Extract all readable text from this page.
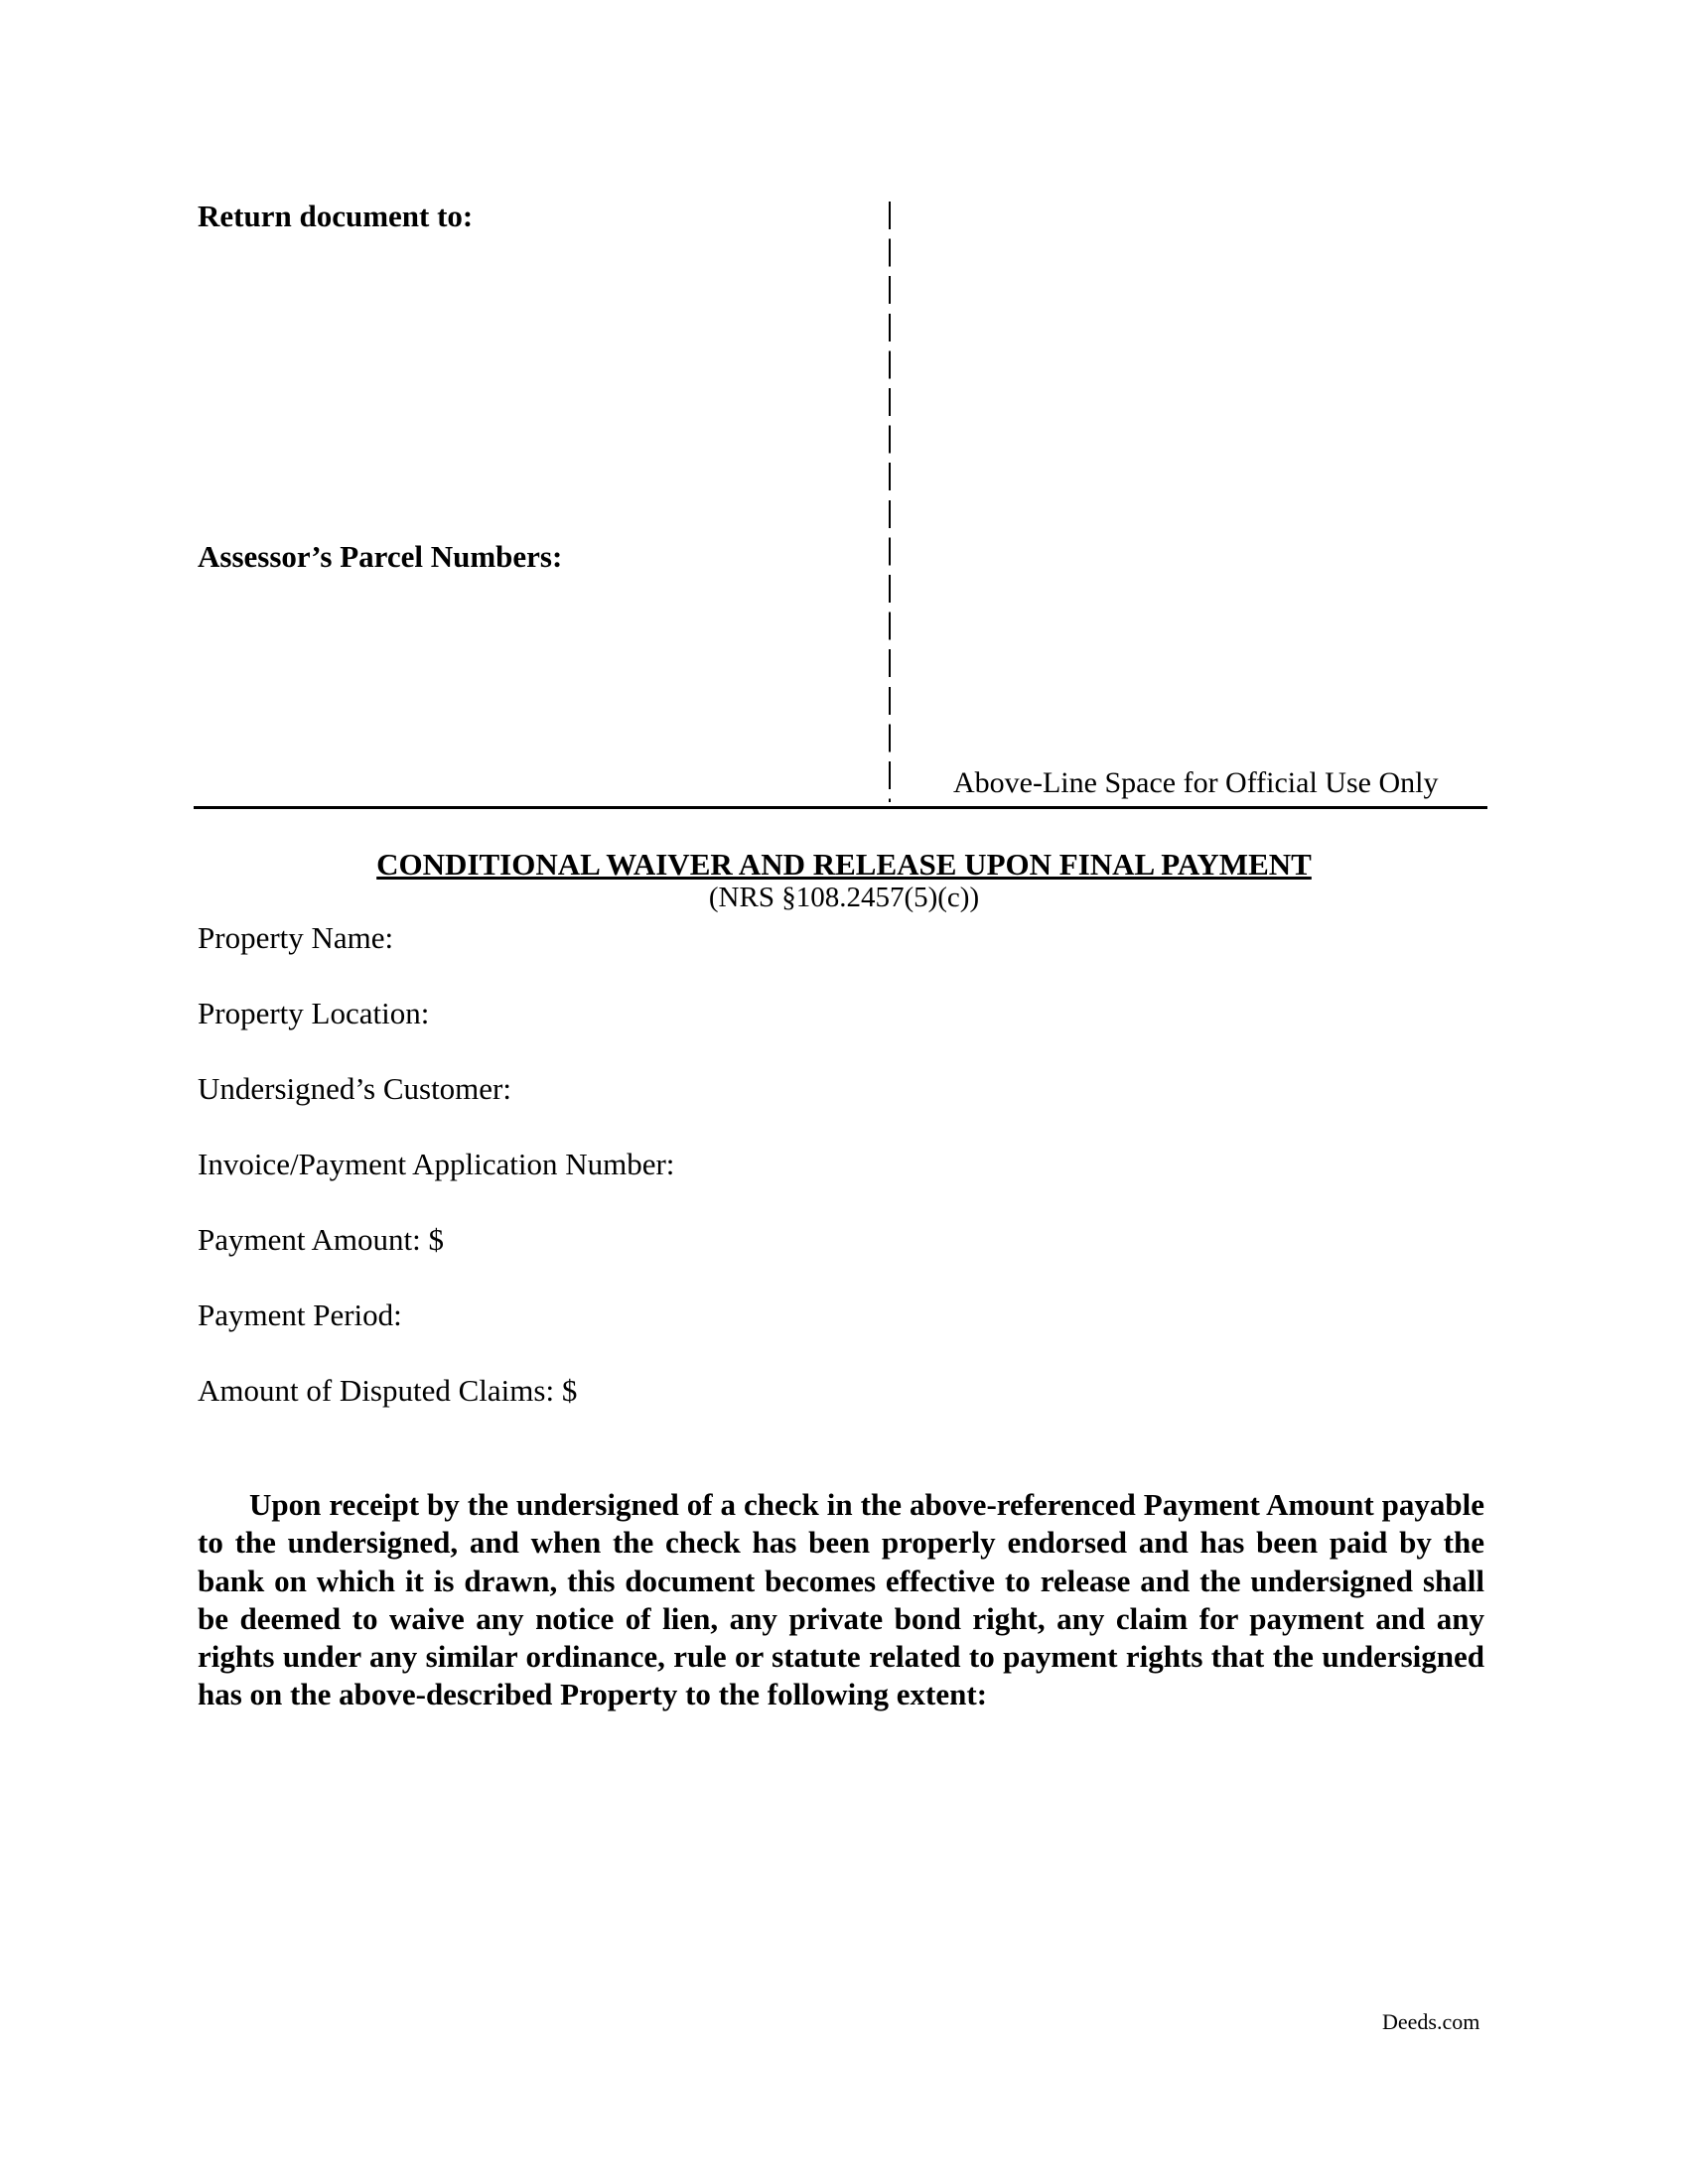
Return document to:

Assessor’s Parcel Numbers:

Above-Line Space for Official Use Only

CONDITIONAL WAIVER AND RELEASE UPON FINAL PAYMENT

(NRS §108.2457(5)(c))

Property Name:
Property Location:
Undersigned’s Customer:
Invoice/Payment Application Number:
Payment Amount: $
Payment Period:
Amount of Disputed Claims: $

Upon receipt by the undersigned of a check in the above-referenced Payment Amount payable to the undersigned, and when the check has been properly endorsed and has been paid by the bank on which it is drawn, this document becomes effective to release and the undersigned shall be deemed to waive any notice of lien, any private bond right, any claim for payment and any rights under any similar ordinance, rule or statute related to payment rights that the undersigned has on the above-described Property to the following extent:

Deeds.com
